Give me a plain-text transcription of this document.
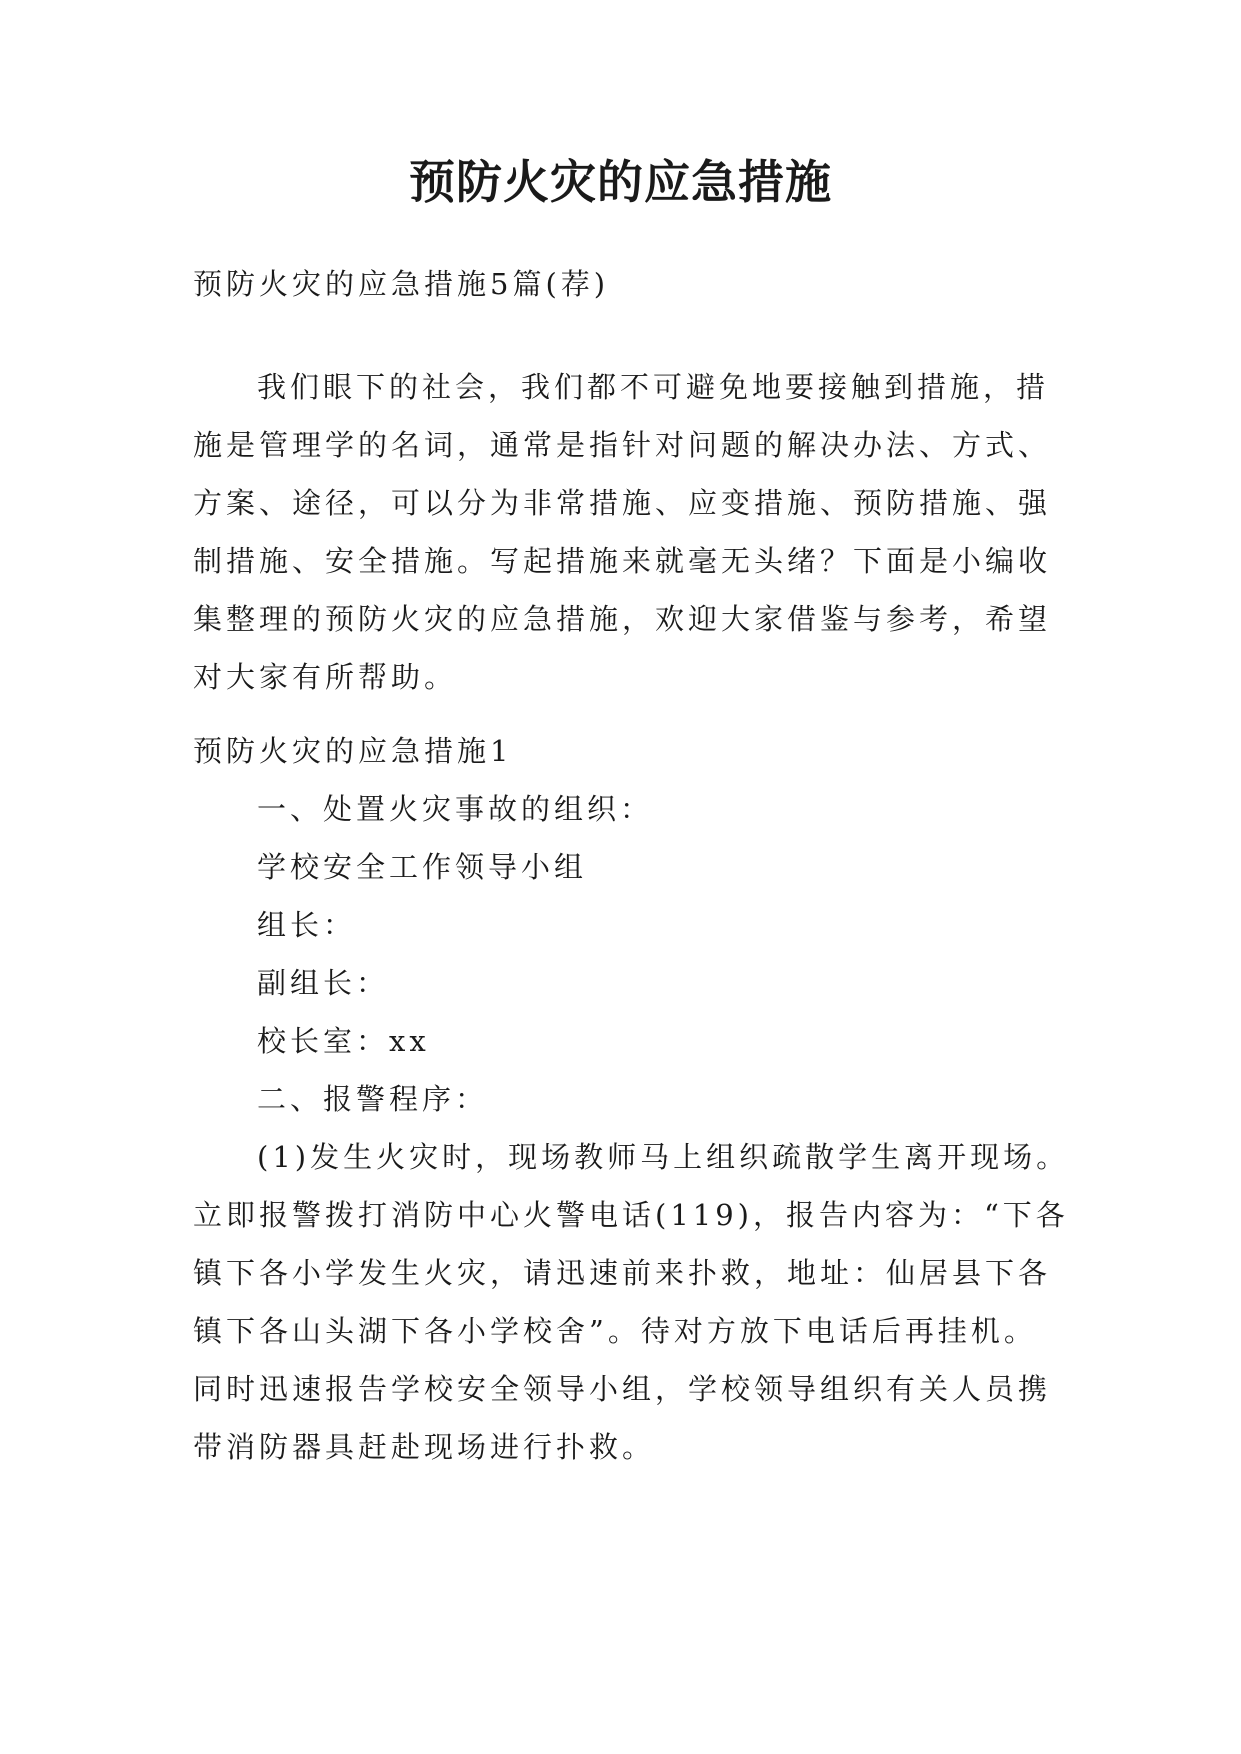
预防火灾的应急措施
预防火灾的应急措施5篇(荐)
我们眼下的社会，我们都不可避免地要接触到措施，措
施是管理学的名词，通常是指针对问题的解决办法、方式、
方案、途径，可以分为非常措施、应变措施、预防措施、强
制措施、安全措施。写起措施来就毫无头绪？下面是小编收
集整理的预防火灾的应急措施，欢迎大家借鉴与参考，希望
对大家有所帮助。
预防火灾的应急措施1
一、处置火灾事故的组织：
学校安全工作领导小组
组长：
副组长：
校长室：xx
二、报警程序：
(1)发生火灾时，现场教师马上组织疏散学生离开现场。
立即报警拨打消防中心火警电话(119)，报告内容为：“下各
镇下各小学发生火灾，请迅速前来扑救，地址：仙居县下各
镇下各山头湖下各小学校舍”。待对方放下电话后再挂机。
同时迅速报告学校安全领导小组，学校领导组织有关人员携
带消防器具赶赴现场进行扑救。
